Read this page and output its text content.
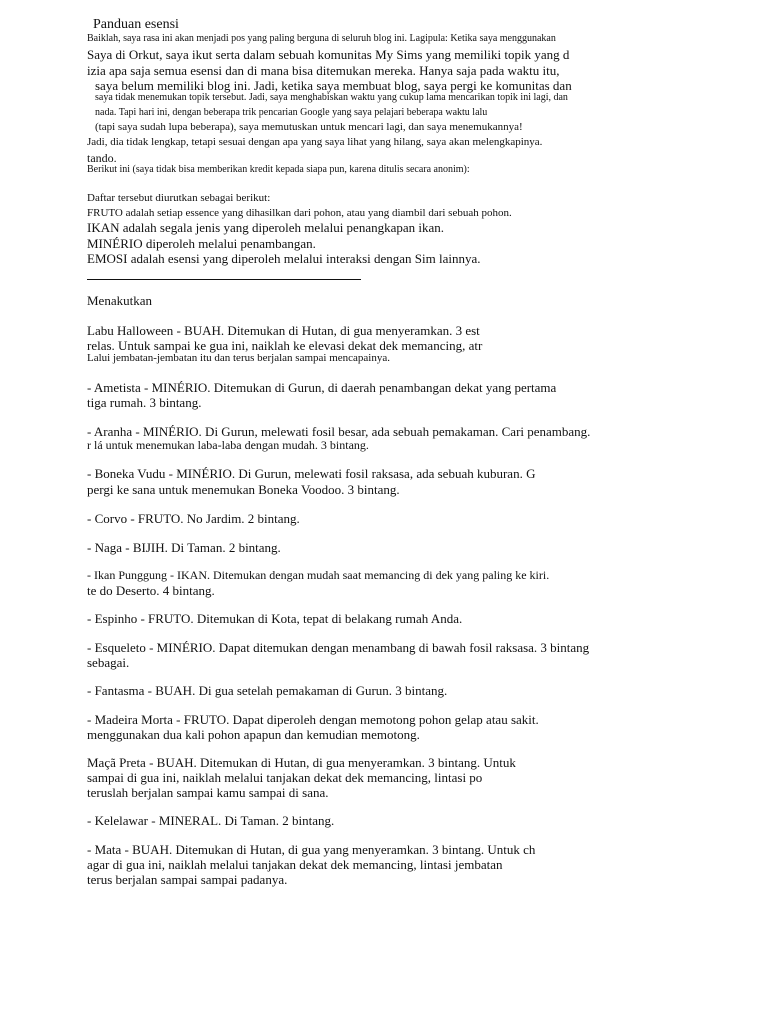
Panduan esensi
Baiklah, saya rasa ini akan menjadi pos yang paling berguna di seluruh blog ini. Lagipula: Ketika saya menggunakan
Saya di Orkut, saya ikut serta dalam sebuah komunitas My Sims yang memiliki topik yang d
izia apa saja semua esensi dan di mana bisa ditemukan mereka. Hanya saja pada waktu itu,
saya belum memiliki blog ini. Jadi, ketika saya membuat blog, saya pergi ke komunitas dan
saya tidak menemukan topik tersebut. Jadi, saya menghabiskan waktu yang cukup lama mencarikan topik ini lagi, dan
nada. Tapi hari ini, dengan beberapa trik pencarian Google yang saya pelajari beberapa waktu lalu
(tapi saya sudah lupa beberapa), saya memutuskan untuk mencari lagi, dan saya menemukannya!
Jadi, dia tidak lengkap, tetapi sesuai dengan apa yang saya lihat yang hilang, saya akan melengkapinya.
tando.
Berikut ini (saya tidak bisa memberikan kredit kepada siapa pun, karena ditulis secara anonim):
Daftar tersebut diurutkan sebagai berikut:
FRUTO adalah setiap essence yang dihasilkan dari pohon, atau yang diambil dari sebuah pohon.
IKAN adalah segala jenis yang diperoleh melalui penangkapan ikan.
MINÉRIO diperoleh melalui penambangan.
EMOSI adalah esensi yang diperoleh melalui interaksi dengan Sim lainnya.
Menakutkan
Labu Halloween - BUAH. Ditemukan di Hutan, di gua menyeramkan. 3 est
relas. Untuk sampai ke gua ini, naiklah ke elevasi dekat dek memancing, atr
Lalui jembatan-jembatan itu dan terus berjalan sampai mencapainya.
- Ametista - MINÉRIO. Ditemukan di Gurun, di daerah penambangan dekat yang pertama
tiga rumah. 3 bintang.
- Aranha - MINÉRIO. Di Gurun, melewati fosil besar, ada sebuah pemakaman. Cari penambang.
r lá untuk menemukan laba-laba dengan mudah. 3 bintang.
- Boneka Vudu - MINÉRIO. Di Gurun, melewati fosil raksasa, ada sebuah kuburan. G
pergi ke sana untuk menemukan Boneka Voodoo. 3 bintang.
- Corvo - FRUTO. No Jardim. 2 bintang.
- Naga - BIJIH. Di Taman. 2 bintang.
- Ikan Punggung - IKAN. Ditemukan dengan mudah saat memancing di dek yang paling ke kiri.
te do Deserto. 4 bintang.
- Espinho - FRUTO. Ditemukan di Kota, tepat di belakang rumah Anda.
- Esqueleto - MINÉRIO. Dapat ditemukan dengan menambang di bawah fosil raksasa. 3 bintang
sebagai.
- Fantasma - BUAH. Di gua setelah pemakaman di Gurun. 3 bintang.
- Madeira Morta - FRUTO. Dapat diperoleh dengan memotong pohon gelap atau sakit.
menggunakan dua kali pohon apapun dan kemudian memotong.
Maçã Preta - BUAH. Ditemukan di Hutan, di gua menyeramkan. 3 bintang. Untuk
sampai di gua ini, naiklah melalui tanjakan dekat dek memancing, lintasi po
teruslah berjalan sampai kamu sampai di sana.
- Kelelawar - MINERAL. Di Taman. 2 bintang.
- Mata - BUAH. Ditemukan di Hutan, di gua yang menyeramkan. 3 bintang. Untuk ch
agar di gua ini, naiklah melalui tanjakan dekat dek memancing, lintasi jembatan
terus berjalan sampai sampai padanya.
